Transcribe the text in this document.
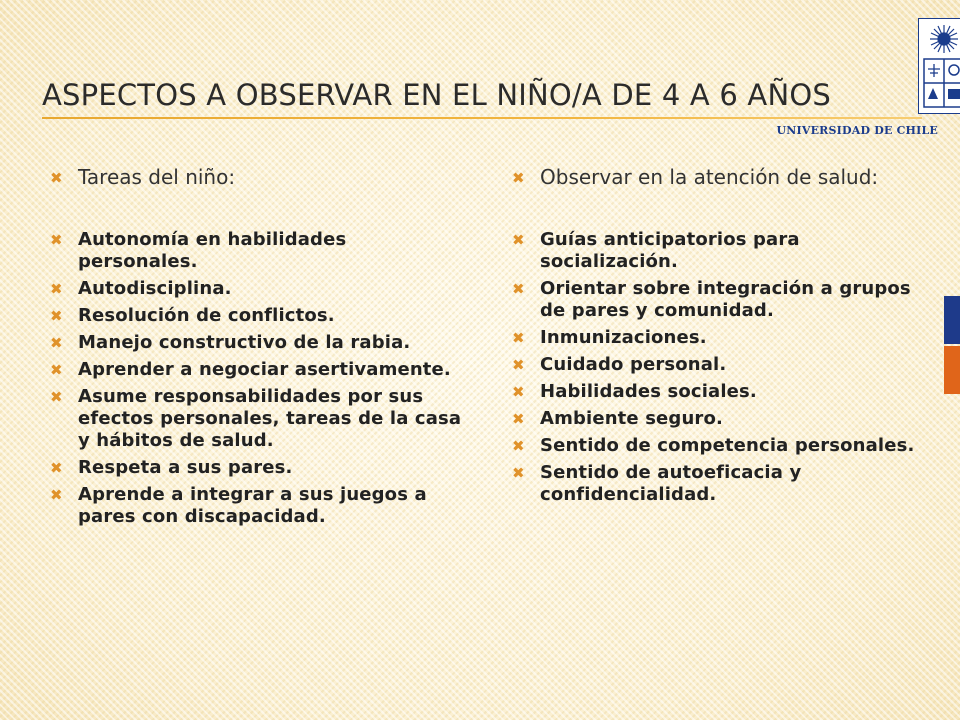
ASPECTOS A OBSERVAR EN EL NIÑO/A DE 4 A 6 AÑOS
UNIVERSIDAD DE CHILE
✖ Tareas del niño:
✖ Autonomía en habilidades personales.
✖ Autodisciplina.
✖ Resolución de conflictos.
✖ Manejo constructivo de la rabia.
✖ Aprender a negociar asertivamente.
✖ Asume responsabilidades por sus efectos personales, tareas de la casa y hábitos de salud.
✖ Respeta a sus pares.
✖ Aprende a integrar a sus juegos a pares con discapacidad.
✖ Observar en la atención de salud:
✖ Guías anticipatorios para socialización.
✖ Orientar sobre integración a grupos de pares y comunidad.
✖ Inmunizaciones.
✖ Cuidado personal.
✖ Habilidades sociales.
✖ Ambiente seguro.
✖ Sentido de competencia personales.
✖ Sentido de autoeficacia y confidencialidad.
